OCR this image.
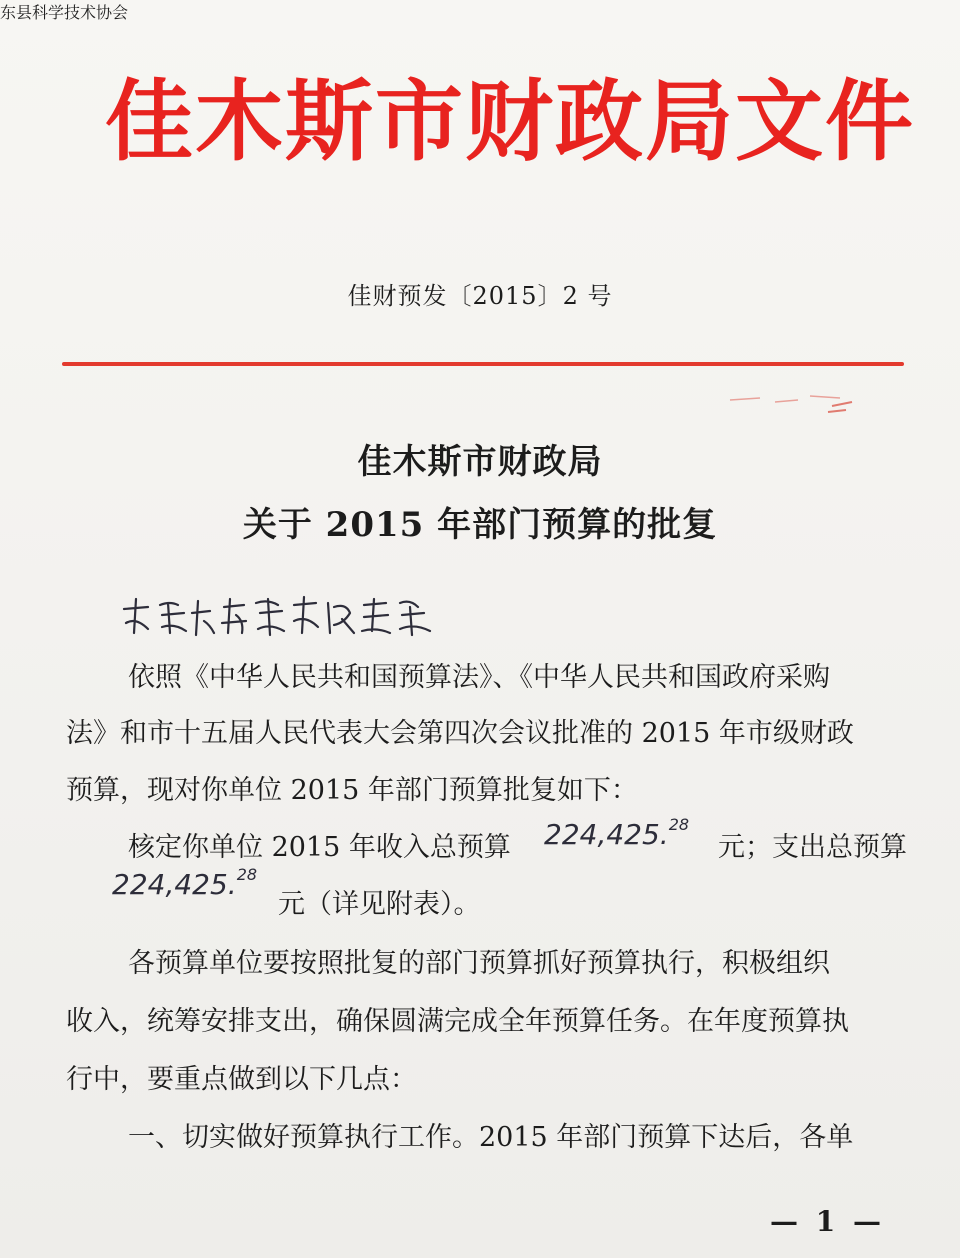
佳木斯市财政局文件
佳财预发〔2015〕2 号
佳木斯市财政局
关于 2015 年部门预算的批复
东县科学技术协会
依照《中华人民共和国预算法》、《中华人民共和国政府采购
法》和市十五届人民代表大会第四次会议批准的 2015 年市级财政
预算，现对你单位 2015 年部门预算批复如下：
核定你单位 2015 年收入总预算	元；支出总预算
224,425.28
元（详见附表）。
224,425.28
各预算单位要按照批复的部门预算抓好预算执行，积极组织
收入，统筹安排支出，确保圆满完成全年预算任务。在年度预算执
行中，要重点做到以下几点：
一、切实做好预算执行工作。2015 年部门预算下达后，各单
— 1 —
